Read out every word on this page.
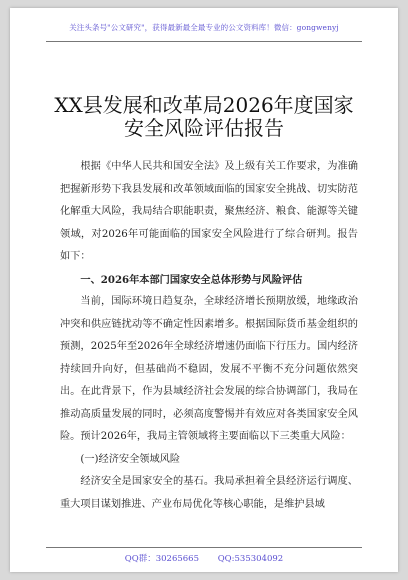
关注头条号"公文研究"，获得最新最全最专业的公文资料库！微信：gongwenyj
XX县发展和改革局2026年度国家
安全风险评估报告

根据《中华人民共和国安全法》及上级有关工作要求，为准确把握新形势下我县发展和改革领域面临的国家安全挑战、切实防范化解重大风险，我局结合职能职责，聚焦经济、粮食、能源等关键领域，对2026年可能面临的国家安全风险进行了综合研判。报告如下：

一、2026年本部门国家安全总体形势与风险评估

当前，国际环境日趋复杂，全球经济增长预期放缓，地缘政治冲突和供应链扰动等不确定性因素增多。根据国际货币基金组织的预测，2025年至2026年全球经济增速仍面临下行压力。国内经济持续回升向好，但基础尚不稳固，发展不平衡不充分问题依然突出。在此背景下，作为县域经济社会发展的综合协调部门，我局在推动高质量发展的同时，必须高度警惕并有效应对各类国家安全风险。预计2026年，我局主管领域将主要面临以下三类重大风险：

(一)经济安全领域风险

经济安全是国家安全的基石。我局承担着全县经济运行调度、重大项目谋划推进、产业布局优化等核心职能，是维护县域

QQ群：30265665 QQ:535304092
